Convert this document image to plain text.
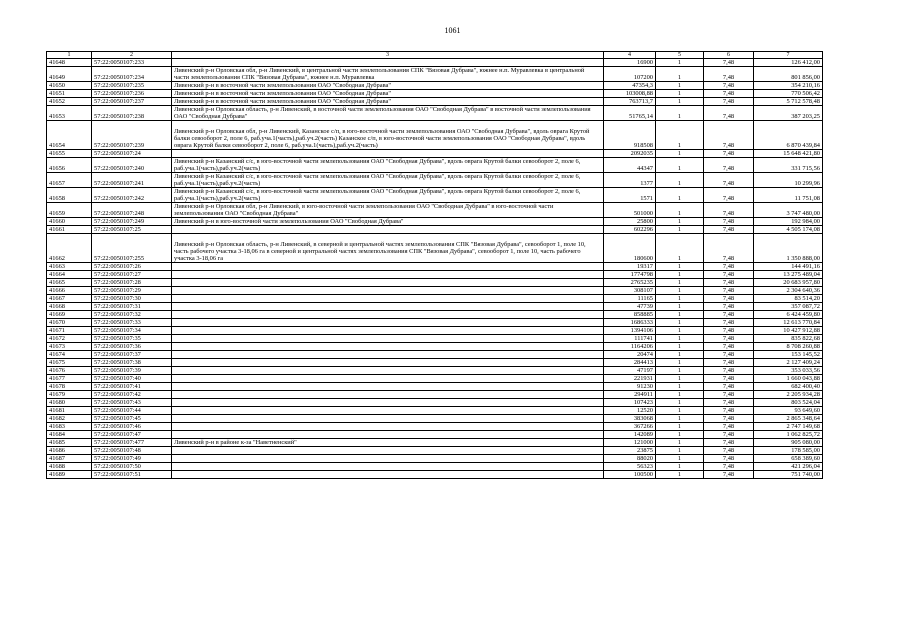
1061
1	2	3	4	5	6	7
41648	57:22:0050107:233		16900	1	7,48	126 412,00
41649	57:22:0050107:234	Ливенский р-н Орловская обл, р-н Ливенский, в центральной части землепользования СПК "Вязовая Дубрава", южнее н.п. Муравлевка в центральной части землепользования СПК "Вязовая Дубрава", южнее н.п. Муравлевка	107200	1	7,48	801 856,00
41650	57:22:0050107:235	Ливенский р-н в восточной части землепользования ОАО "Свободная Дубрава"	47354,3	1	7,48	354 210,16
41651	57:22:0050107:236	Ливенский р-н в восточной части землепользования ОАО "Свободная Дубрава"	103008,88	1	7,48	770 506,42
41652	57:22:0050107:237	Ливенский р-н в восточной части землепользования ОАО "Свободная Дубрава"	763713,7	1	7,48	5 712 578,48
41653	57:22:0050107:238	Ливенский р-н Орловская область, р-н Ливенский, в восточной части землепользования ОАО "Свободная Дубрава" в восточной части землепользования ОАО "Свободная Дубрава"	51765,14	1	7,48	387 203,25
41654	57:22:0050107:239	Ливенский р-н Орловская обл, р-н Ливенский, Казанское с/п, в юго-восточной части землепользования ОАО "Свободная Дубрава", вдоль оврага Крутой балки севооборот 2, поле 6, раб.уча.1(часть),раб.уч.2(часть) Казанское с/п, в юго-восточной части землепользования ОАО "Свободная Дубрава", вдоль оврага Крутой балки севооборот 2, поле 6, раб.уча.1(часть),раб.уч.2(часть)	918508	1	7,48	6 870 439,84
41655	57:22:0050107:24		2092035	1	7,48	15 648 421,80
41656	57:22:0050107:240	Ливенский р-н Казанский с/с, в юго-восточной части землепользования ОАО "Свободная Дубрава", вдоль оврага Крутой балки севооборот 2, поле 6, раб.уча.1(часть),раб.уч.2(часть)	44347	1	7,48	331 715,56
41657	57:22:0050107:241	Ливенский р-н Казанский с/с, в юго-восточной части землепользования ОАО "Свободная Дубрава", вдоль оврага Крутой балки севооборот 2, поле 6, раб.уча.1(часть),раб.уч.2(часть)	1377	1	7,48	10 299,96
41658	57:22:0050107:242	Ливенский р-н Казанский с/с, в юго-восточной части землепользования ОАО "Свободная Дубрава", вдоль оврага Крутой балки севооборот 2, поле 6, раб.уча.1(часть),раб.уч.2(часть)	1571	1	7,48	11 751,08
41659	57:22:0050107:248	Ливенский р-н Орловская обл, р-н Ливенский, в юго-восточной части землепользования ОАО "Свободная Дубрава" в юго-восточной части землепользования ОАО "Свободная Дубрава"	501000	1	7,48	3 747 480,00
41660	57:22:0050107:249	Ливенский р-н в юго-восточной части землепользования ОАО "Свободная Дубрава"	25800	1	7,48	192 984,00
41661	57:22:0050107:25		602296	1	7,48	4 505 174,08
41662	57:22:0050107:255	Ливенский р-н Орловская область, р-н Ливенский, в северной и центральной частях землепользования СПК "Вязовая Дубрава", севооборот 1, поле 10, часть рабочего участка 3-18,06 га в северной и центральной частях землепользования СПК "Вязовая Дубрава", севооборот 1, поле 10, часть рабочего участка 3-18,06 га	180600	1	7,48	1 350 888,00
41663	57:22:0050107:26		19317	1	7,48	144 491,16
41664	57:22:0050107:27		1774798	1	7,48	13 275 489,04
41665	57:22:0050107:28		2765235	1	7,48	20 683 957,80
41666	57:22:0050107:29		308107	1	7,48	2 304 640,36
41667	57:22:0050107:30		11165	1	7,48	83 514,20
41668	57:22:0050107:31		47739	1	7,48	357 087,72
41669	57:22:0050107:32		858885	1	7,48	6 424 459,80
41670	57:22:0050107:33		1686333	1	7,48	12 613 770,84
41671	57:22:0050107:34		1394106	1	7,48	10 427 912,88
41672	57:22:0050107:35		111741	1	7,48	835 822,68
41673	57:22:0050107:36		1164206	1	7,48	8 708 260,88
41674	57:22:0050107:37		20474	1	7,48	153 145,52
41675	57:22:0050107:38		284413	1	7,48	2 127 409,24
41676	57:22:0050107:39		47197	1	7,48	353 033,56
41677	57:22:0050107:40		221931	1	7,48	1 660 043,88
41678	57:22:0050107:41		91230	1	7,48	682 400,40
41679	57:22:0050107:42		294911	1	7,48	2 205 934,28
41680	57:22:0050107:43		107423	1	7,48	803 524,04
41681	57:22:0050107:44		12520	1	7,48	93 649,60
41682	57:22:0050107:45		383068	1	7,48	2 865 348,64
41683	57:22:0050107:46		367266	1	7,48	2 747 149,68
41684	57:22:0050107:47		142089	1	7,48	1 062 825,72
41685	57:22:0050107:477	Ливенский р-н в районе к-за "Наветненский"	121000	1	7,48	905 080,00
41686	57:22:0050107:48		23875	1	7,48	178 585,00
41687	57:22:0050107:49		88020	1	7,48	658 389,60
41688	57:22:0050107:50		56323	1	7,48	421 296,04
41689	57:22:0050107:51		100500	1	7,48	751 740,00
